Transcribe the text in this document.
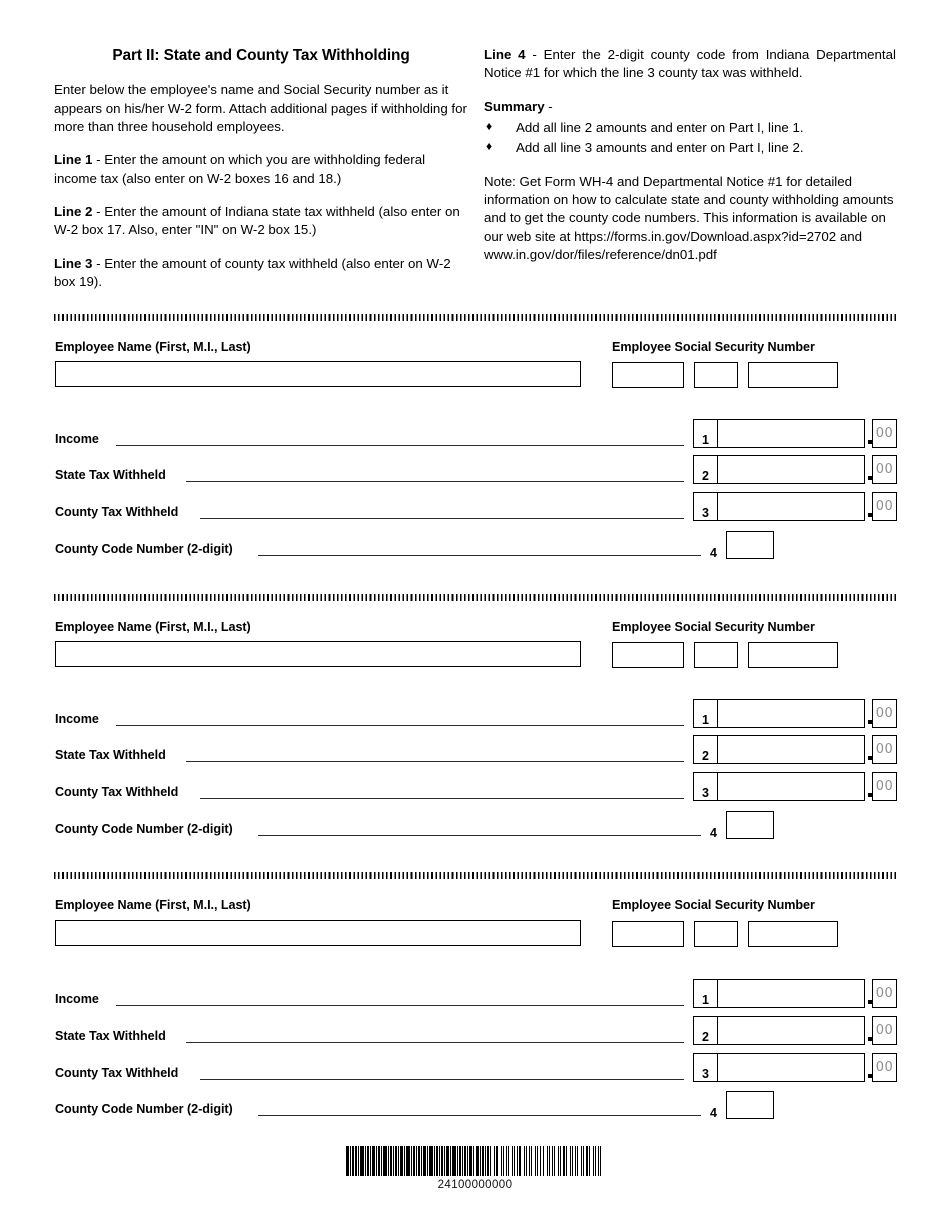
Part II: State and County Tax Withholding

Enter below the employee's name and Social Security number as it appears on his/her W-2 form. Attach additional pages if withholding for more than three household employees.

Line 1 - Enter the amount on which you are withholding federal income tax (also enter on W-2 boxes 16 and 18.)

Line 2 - Enter the amount of Indiana state tax withheld (also enter on W-2 box 17. Also, enter "IN" on W-2 box 15.)

Line 3 - Enter the amount of county tax withheld (also enter on W-2 box 19).

Line 4 - Enter the 2-digit county code from Indiana Departmental Notice #1 for which the line 3 county tax was withheld.

Summary -

♦ Add all line 2 amounts and enter on Part I, line 1.
♦ Add all line 3 amounts and enter on Part I, line 2.

Note: Get Form WH-4 and Departmental Notice #1 for detailed information on how to calculate state and county withholding amounts and to get the county code numbers. This information is available on our web site at https://forms.in.gov/Download.aspx?id=2702 and www.in.gov/dor/files/reference/dn01.pdf

Employee Name (First, M.I., Last)	Employee Social Security Number
Income	1	00
State Tax Withheld	2	00
County Tax Withheld	3	00
County Code Number (2-digit)	4
Employee Name (First, M.I., Last)	Employee Social Security Number
Income	1	00
State Tax Withheld	2	00
County Tax Withheld	3	00
County Code Number (2-digit)	4
Employee Name (First, M.I., Last)	Employee Social Security Number
Income	1	00
State Tax Withheld	2	00
County Tax Withheld	3	00
County Code Number (2-digit)	4
24100000000
